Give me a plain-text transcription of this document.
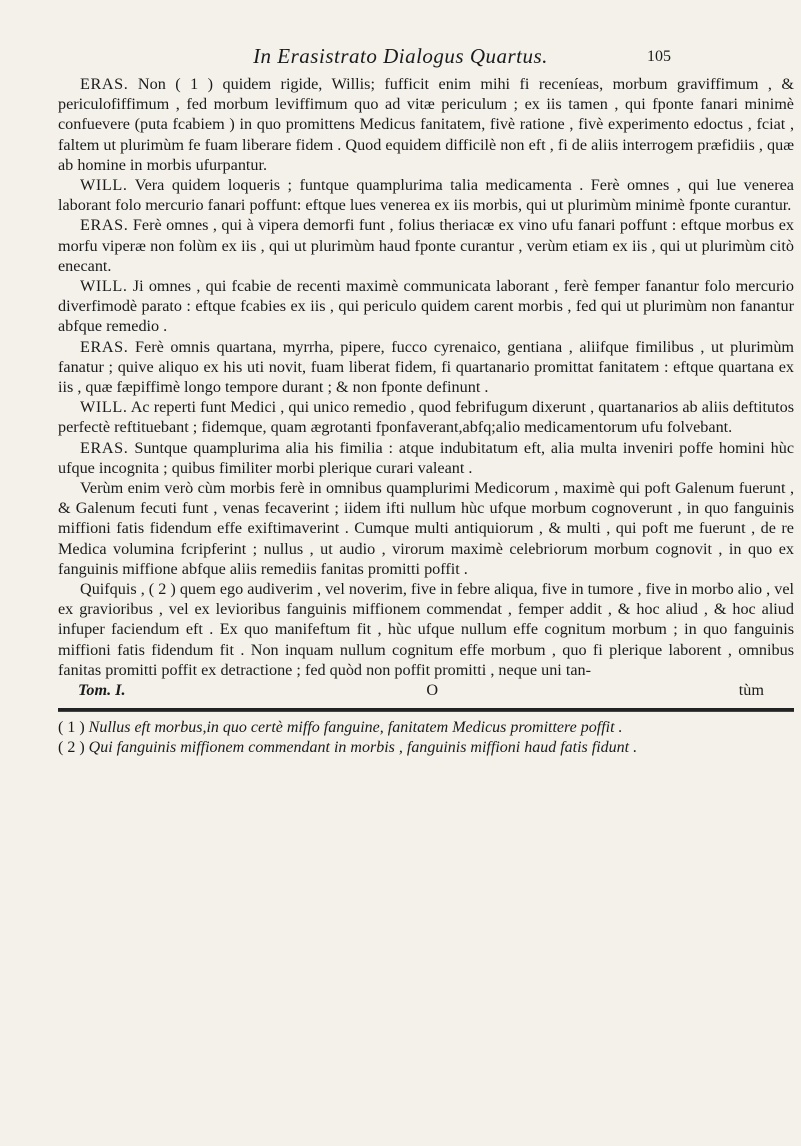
In Erasistrato Dialogus Quartus.	105

ERAS. Non ( 1 ) quidem rigide, Willis; fufficit enim mihi fi receníeas, morbum graviffimum , & periculofiffimum , fed morbum leviffimum quo ad vitæ periculum ; ex iis tamen , qui fponte fanari minimè confuevere (puta fcabiem ) in quo promittens Medicus fanitatem, fivè ratione , fivè experimento edoctus , fciat , faltem ut plurimùm fe fuam liberare fidem . Quod equidem difficilè non eft , fi de aliis interrogem præfidiis , quæ ab homine in morbis ufurpantur.

WILL. Vera quidem loqueris ; funtque quamplurima talia medicamenta . Ferè omnes , qui lue venerea laborant folo mercurio fanari poffunt: eftque lues venerea ex iis morbis, qui ut plurimùm minimè fponte curantur.

ERAS. Ferè omnes , qui à vipera demorfi funt , folius theriacæ ex vino ufu fanari poffunt : eftque morbus ex morfu viperæ non folùm ex iis , qui ut plurimùm haud fponte curantur , verùm etiam ex iis , qui ut plurimùm citò enecant.

WILL. Ji omnes , qui fcabie de recenti maximè communicata laborant , ferè femper fanantur folo mercurio diverfimodè parato : eftque fcabies ex iis , qui periculo quidem carent morbis , fed qui ut plurimùm non fanantur abfque remedio .

ERAS. Ferè omnis quartana, myrrha, pipere, fucco cyrenaico, gentiana , aliifque fimilibus , ut plurimùm fanatur ; quive aliquo ex his uti novit, fuam liberat fidem, fi quartanario promittat fanitatem : eftque quartana ex iis , quæ fæpiffimè longo tempore durant ; & non fponte definunt .

WILL. Ac reperti funt Medici , qui unico remedio , quod febrifugum dixerunt , quartanarios ab aliis deftitutos perfectè reftituebant ; fidemque, quam ægrotanti fponfaverant,abfq;alio medicamentorum ufu folvebant.

ERAS. Suntque quamplurima alia his fimilia : atque indubitatum eft, alia multa inveniri poffe homini hùc ufque incognita ; quibus fimiliter morbi plerique curari valeant .

Verùm enim verò cùm morbis ferè in omnibus quamplurimi Medicorum , maximè qui poft Galenum fuerunt , & Galenum fecuti funt , venas fecaverint ; iidem ifti nullum hùc ufque morbum cognoverunt , in quo fanguinis miffioni fatis fidendum effe exiftimaverint . Cumque multi antiquiorum , & multi , qui poft me fuerunt , de re Medica volumina fcripferint ; nullus , ut audio , virorum maximè celebriorum morbum cognovit , in quo ex fanguinis miffione abfque aliis remediis fanitas promitti poffit .

Quifquis , ( 2 ) quem ego audiverim , vel noverim, five in febre aliqua, five in tumore , five in morbo alio , vel ex gravioribus , vel ex levioribus fanguinis miffionem commendat , femper addit , & hoc aliud , & hoc aliud infuper faciendum eft . Ex quo manifeftum fit , hùc ufque nullum effe cognitum morbum ; in quo fanguinis miffioni fatis fidendum fit . Non inquam nullum cognitum effe morbum , quo fi plerique laborent , omnibus fanitas promitti poffit ex detractione ; fed quòd non poffit promitti , neque uni tan-

Tom. I.	O	tùm

( 1 ) Nullus eft morbus,in quo certè miffo fanguine, fanitatem Medicus promittere poffit .

( 2 ) Qui fanguinis miffionem commendant in morbis , fanguinis miffioni haud fatis fidunt .
